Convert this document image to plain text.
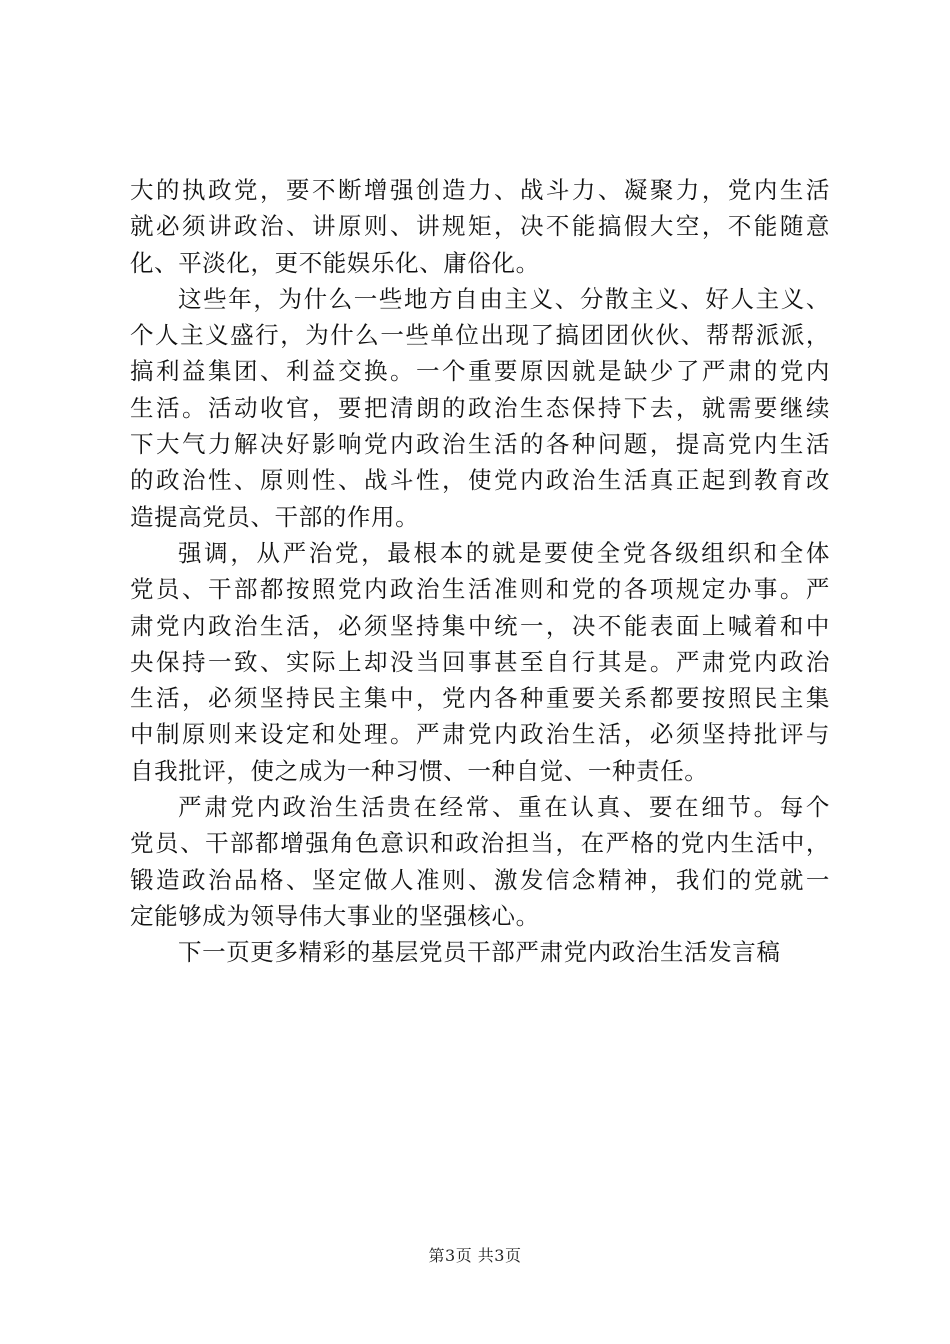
大的执政党，要不断增强创造力、战斗力、凝聚力，党内生活
就必须讲政治、讲原则、讲规矩，决不能搞假大空，不能随意
化、平淡化，更不能娱乐化、庸俗化。
这些年，为什么一些地方自由主义、分散主义、好人主义、
个人主义盛行，为什么一些单位出现了搞团团伙伙、帮帮派派，
搞利益集团、利益交换。一个重要原因就是缺少了严肃的党内
生活。活动收官，要把清朗的政治生态保持下去，就需要继续
下大气力解决好影响党内政治生活的各种问题，提高党内生活
的政治性、原则性、战斗性，使党内政治生活真正起到教育改
造提高党员、干部的作用。
强调，从严治党，最根本的就是要使全党各级组织和全体
党员、干部都按照党内政治生活准则和党的各项规定办事。严
肃党内政治生活，必须坚持集中统一，决不能表面上喊着和中
央保持一致、实际上却没当回事甚至自行其是。严肃党内政治
生活，必须坚持民主集中，党内各种重要关系都要按照民主集
中制原则来设定和处理。严肃党内政治生活，必须坚持批评与
自我批评，使之成为一种习惯、一种自觉、一种责任。
严肃党内政治生活贵在经常、重在认真、要在细节。每个
党员、干部都增强角色意识和政治担当，在严格的党内生活中，
锻造政治品格、坚定做人准则、激发信念精神，我们的党就一
定能够成为领导伟大事业的坚强核心。
下一页更多精彩的基层党员干部严肃党内政治生活发言稿
第3页 共3页
